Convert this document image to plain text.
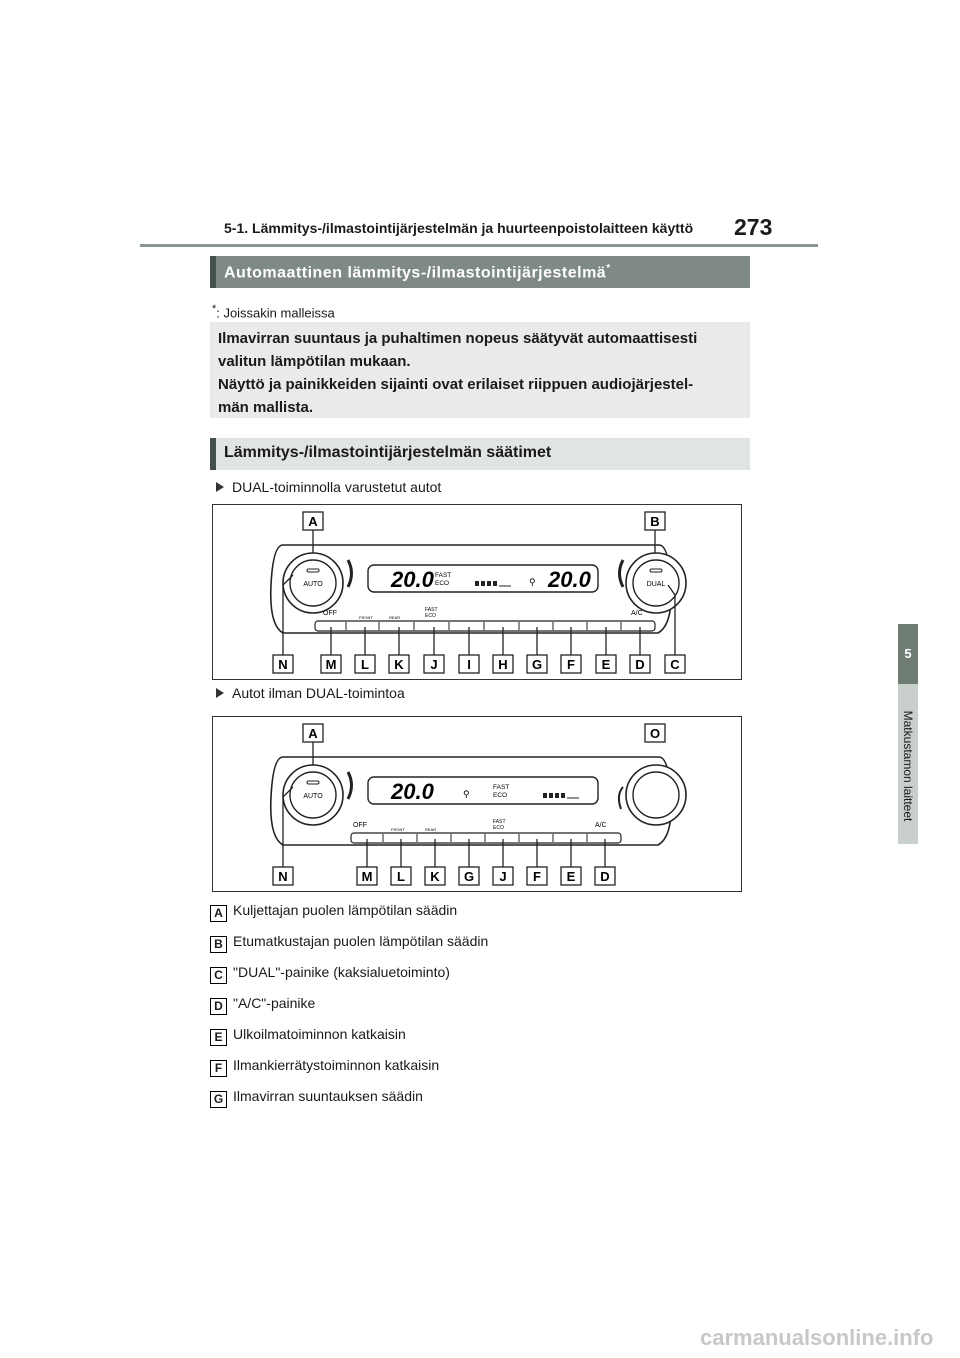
5-1. Lämmitys-/ilmastointijärjestelmän ja huurteenpoistolaitteen käyttö 273
5
Matkustamon laitteet
Automaattinen lämmitys-/ilmastointijärjestelmä*
*: Joissakin malleissa
Ilmavirran suuntaus ja puhaltimen nopeus säätyvät automaattisesti
valitun lämpötilan mukaan.
Näyttö ja painikkeiden sijainti ovat erilaiset riippuen audiojärjestel-
män mallista.
Lämmitys-/ilmastointijärjestelmän säätimet
DUAL-toiminnolla varustetut autot
AUTO	DUAL
20.0 FAST
ECO	⚲ 20.0
OFF
FRONT	REAR
FAST
ECO	A/C
A	B
N	M L K J I H G F E D C
Autot ilman DUAL-toimintoa
AUTO	20.0	⚲
FAST
ECO
OFF
FRONT	REAR
FAST
ECO	A/C
A	O
N	M L K G J F E D
A Kuljettajan puolen lämpötilan säädin
B Etumatkustajan puolen lämpötilan säädin
C "DUAL"-painike (kaksialuetoiminto)
D "A/C"-painike
E Ulkoilmatoiminnon katkaisin
F Ilmankierrätystoiminnon katkaisin
G Ilmavirran suuntauksen säädin
carmanualsonline.info
